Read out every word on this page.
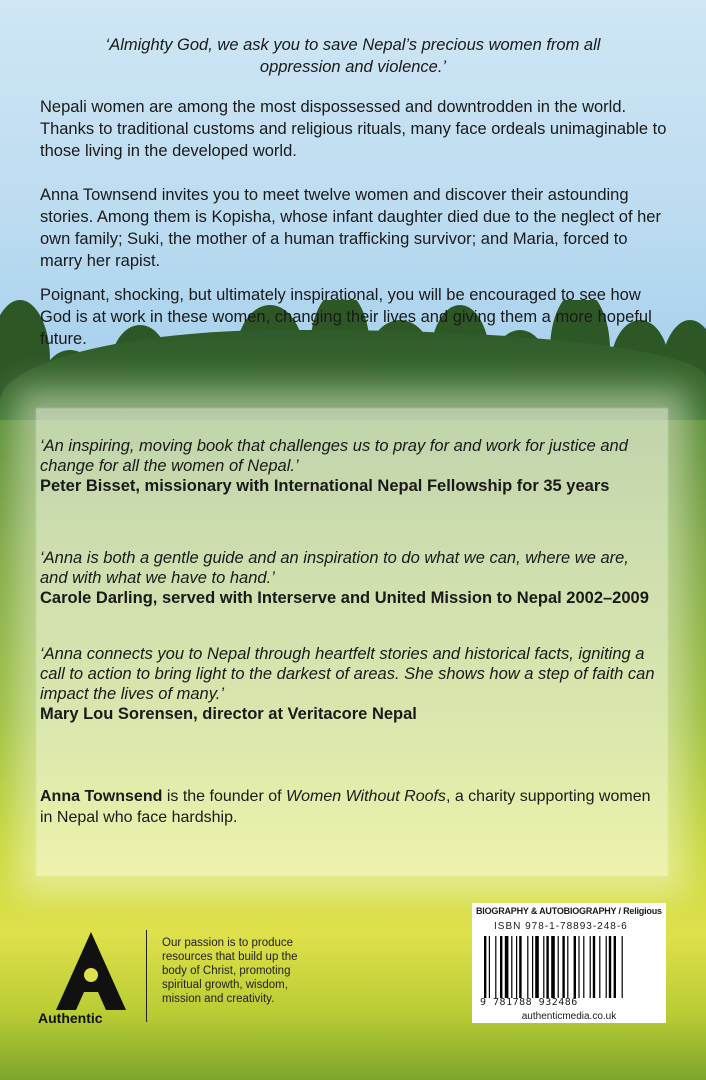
‘Almighty God, we ask you to save Nepal’s precious women from all oppression and violence.’

Nepali women are among the most dispossessed and downtrodden in the world. Thanks to traditional customs and religious rituals, many face ordeals unimaginable to those living in the developed world.

Anna Townsend invites you to meet twelve women and discover their astounding stories. Among them is Kopisha, whose infant daughter died due to the neglect of her own family; Suki, the mother of a human trafficking survivor; and Maria, forced to marry her rapist.

Poignant, shocking, but ultimately inspirational, you will be encouraged to see how God is at work in these women, changing their lives and giving them a more hopeful future.

‘An inspiring, moving book that challenges us to pray for and work for justice and change for all the women of Nepal.’
Peter Bisset, missionary with International Nepal Fellowship for 35 years
‘Anna is both a gentle guide and an inspiration to do what we can, where we are, and with what we have to hand.’
Carole Darling, served with Interserve and United Mission to Nepal 2002–2009
‘Anna connects you to Nepal through heartfelt stories and historical facts, igniting a call to action to bring light to the darkest of areas. She shows how a step of faith can impact the lives of many.’
Mary Lou Sorensen, director at Veritacore Nepal
Anna Townsend is the founder of Women Without Roofs, a charity supporting women in Nepal who face hardship.
Authentic
Our passion is to produce resources that build up the body of Christ, promoting spiritual growth, wisdom, mission and creativity.
BIOGRAPHY & AUTOBIOGRAPHY / Religious
ISBN 978-1-78893-248-6
9 781788 932486
authenticmedia.co.uk
